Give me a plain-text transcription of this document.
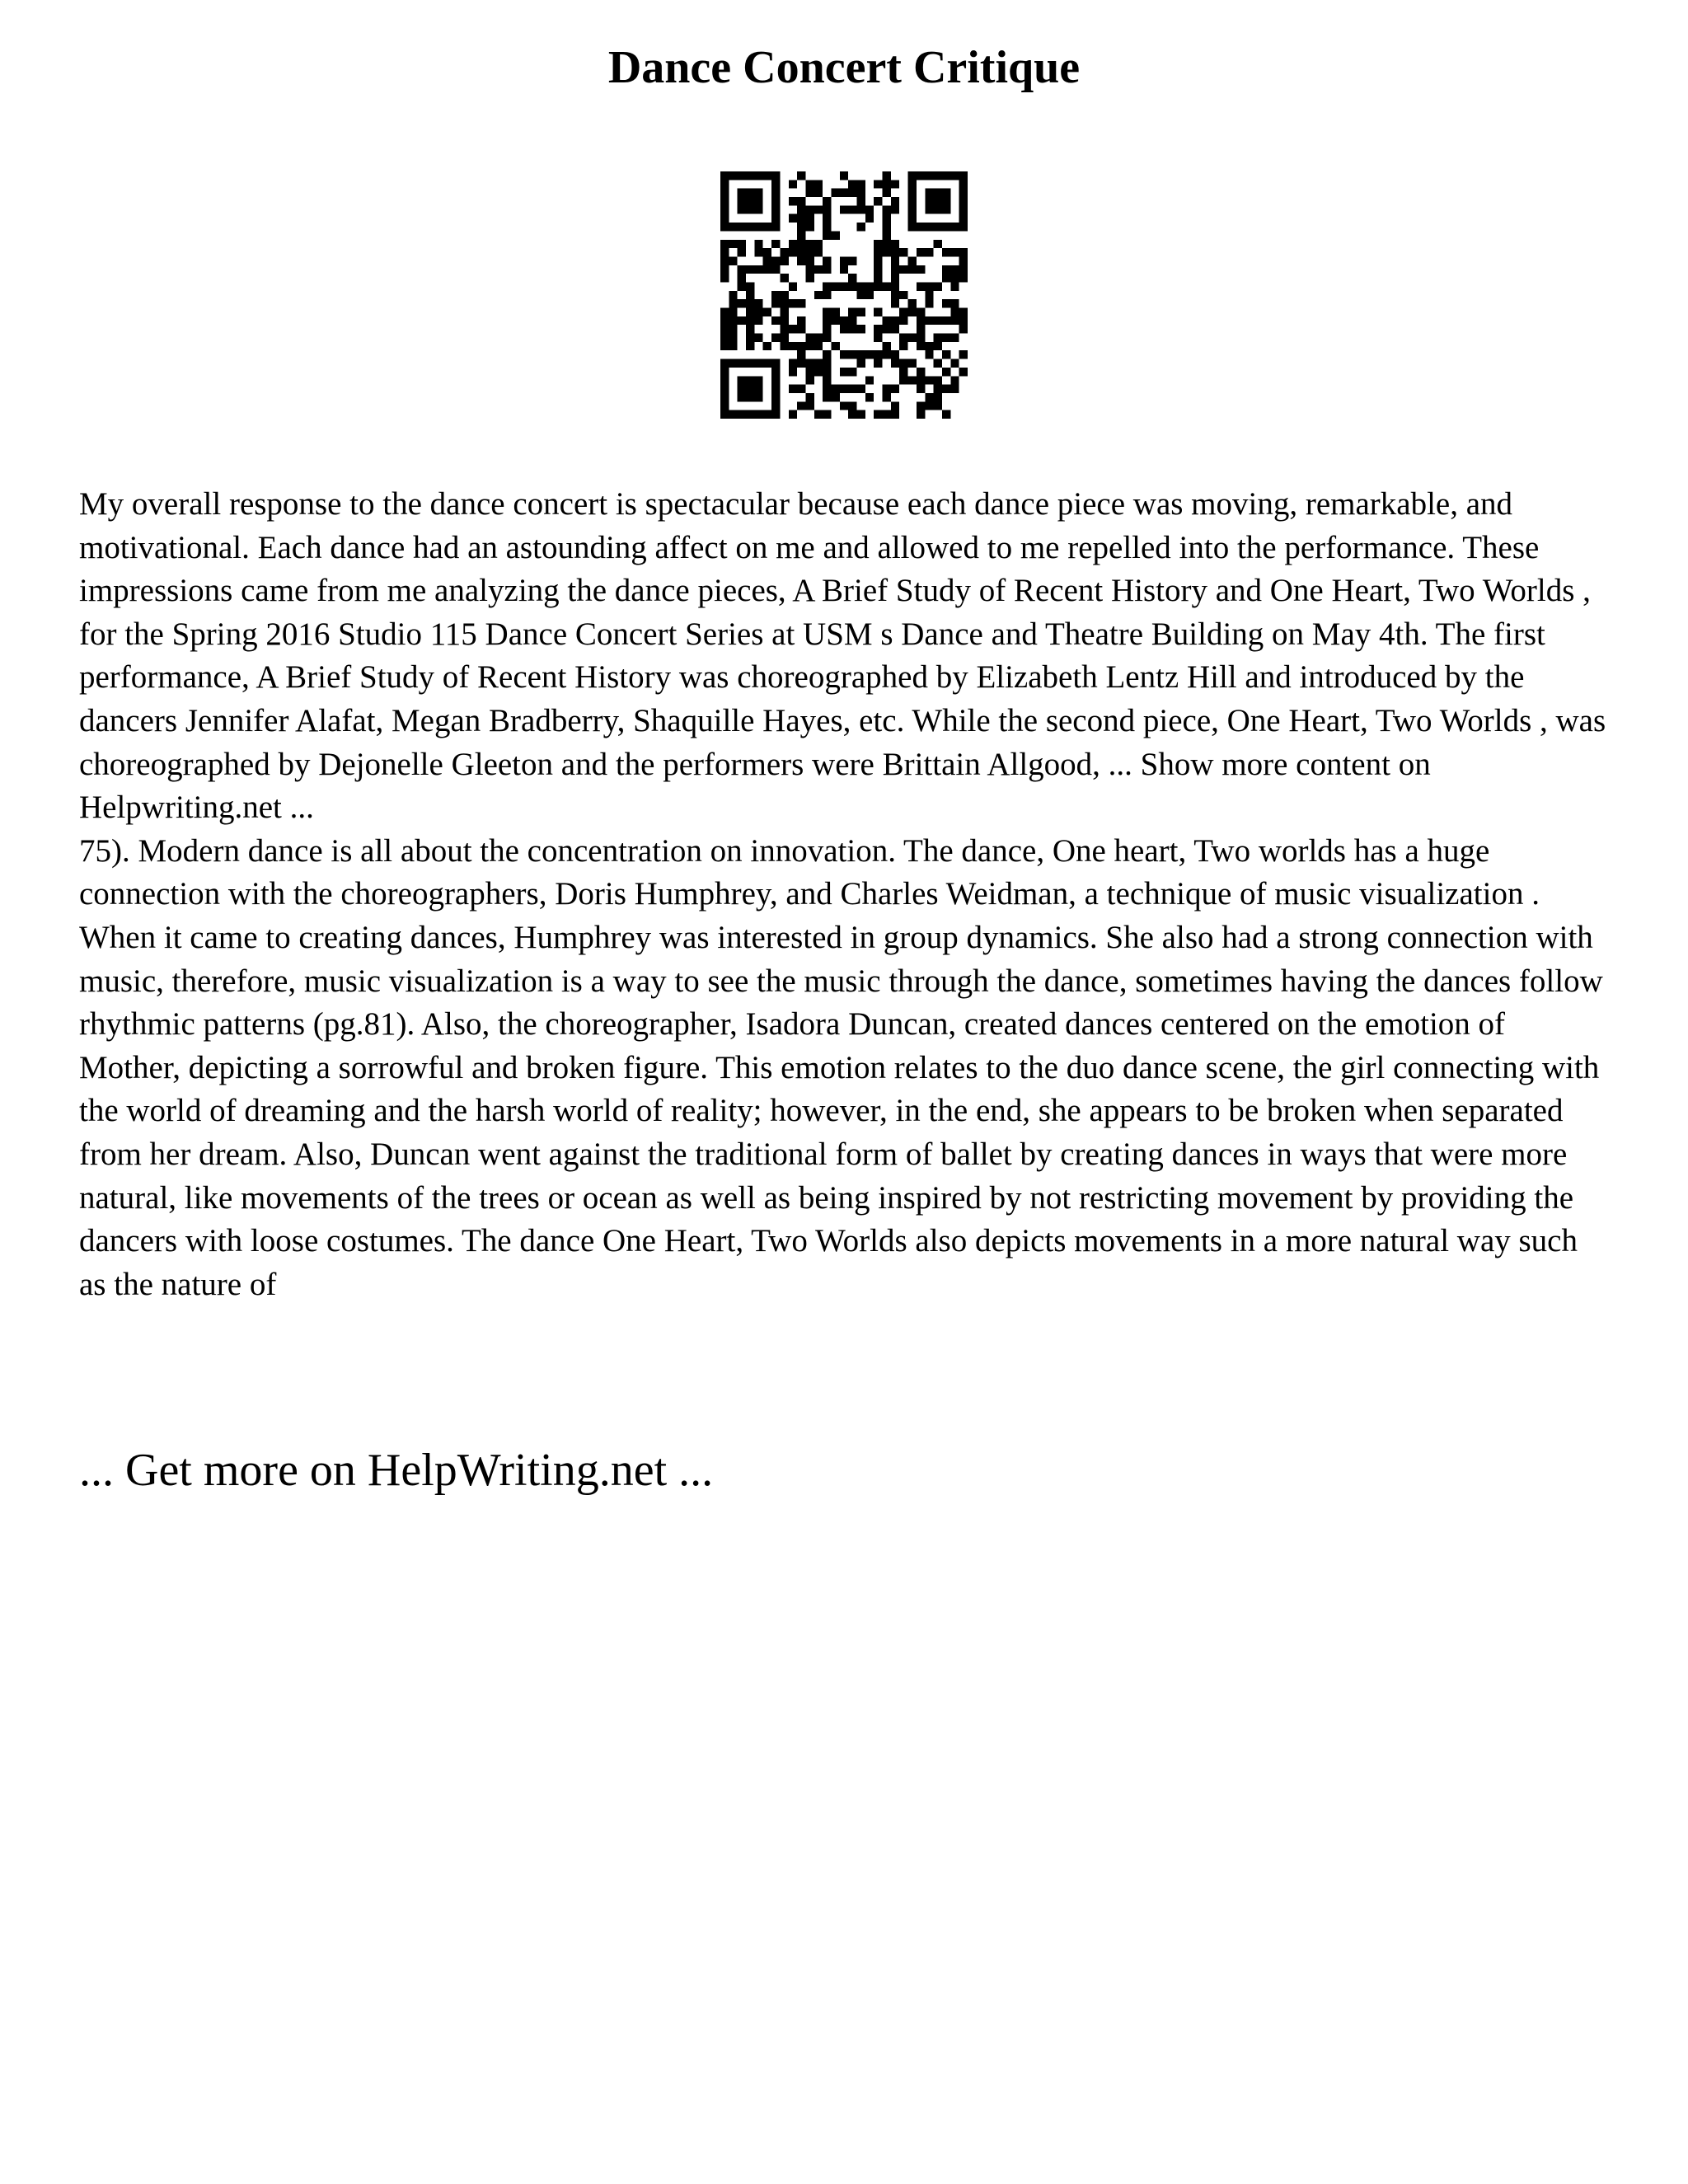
Dance Concert Critique

My overall response to the dance concert is spectacular because each dance piece was moving, remarkable, and motivational. Each dance had an astounding affect on me and allowed to me repelled into the performance. These impressions came from me analyzing the dance pieces, A Brief Study of Recent History and One Heart, Two Worlds , for the Spring 2016 Studio 115 Dance Concert Series at USM s Dance and Theatre Building on May 4th. The first performance, A Brief Study of Recent History was choreographed by Elizabeth Lentz Hill and introduced by the dancers Jennifer Alafat, Megan Bradberry, Shaquille Hayes, etc. While the second piece, One Heart, Two Worlds , was choreographed by Dejonelle Gleeton and the performers were Brittain Allgood, ... Show more content on Helpwriting.net ...

75). Modern dance is all about the concentration on innovation. The dance, One heart, Two worlds has a huge connection with the choreographers, Doris Humphrey, and Charles Weidman, a technique of music visualization . When it came to creating dances, Humphrey was interested in group dynamics. She also had a strong connection with music, therefore, music visualization is a way to see the music through the dance, sometimes having the dances follow rhythmic patterns (pg.81). Also, the choreographer, Isadora Duncan, created dances centered on the emotion of Mother, depicting a sorrowful and broken figure. This emotion relates to the duo dance scene, the girl connecting with the world of dreaming and the harsh world of reality; however, in the end, she appears to be broken when separated from her dream. Also, Duncan went against the traditional form of ballet by creating dances in ways that were more natural, like movements of the trees or ocean as well as being inspired by not restricting movement by providing the dancers with loose costumes. The dance One Heart, Two Worlds also depicts movements in a more natural way such as the nature of

... Get more on HelpWriting.net ...
